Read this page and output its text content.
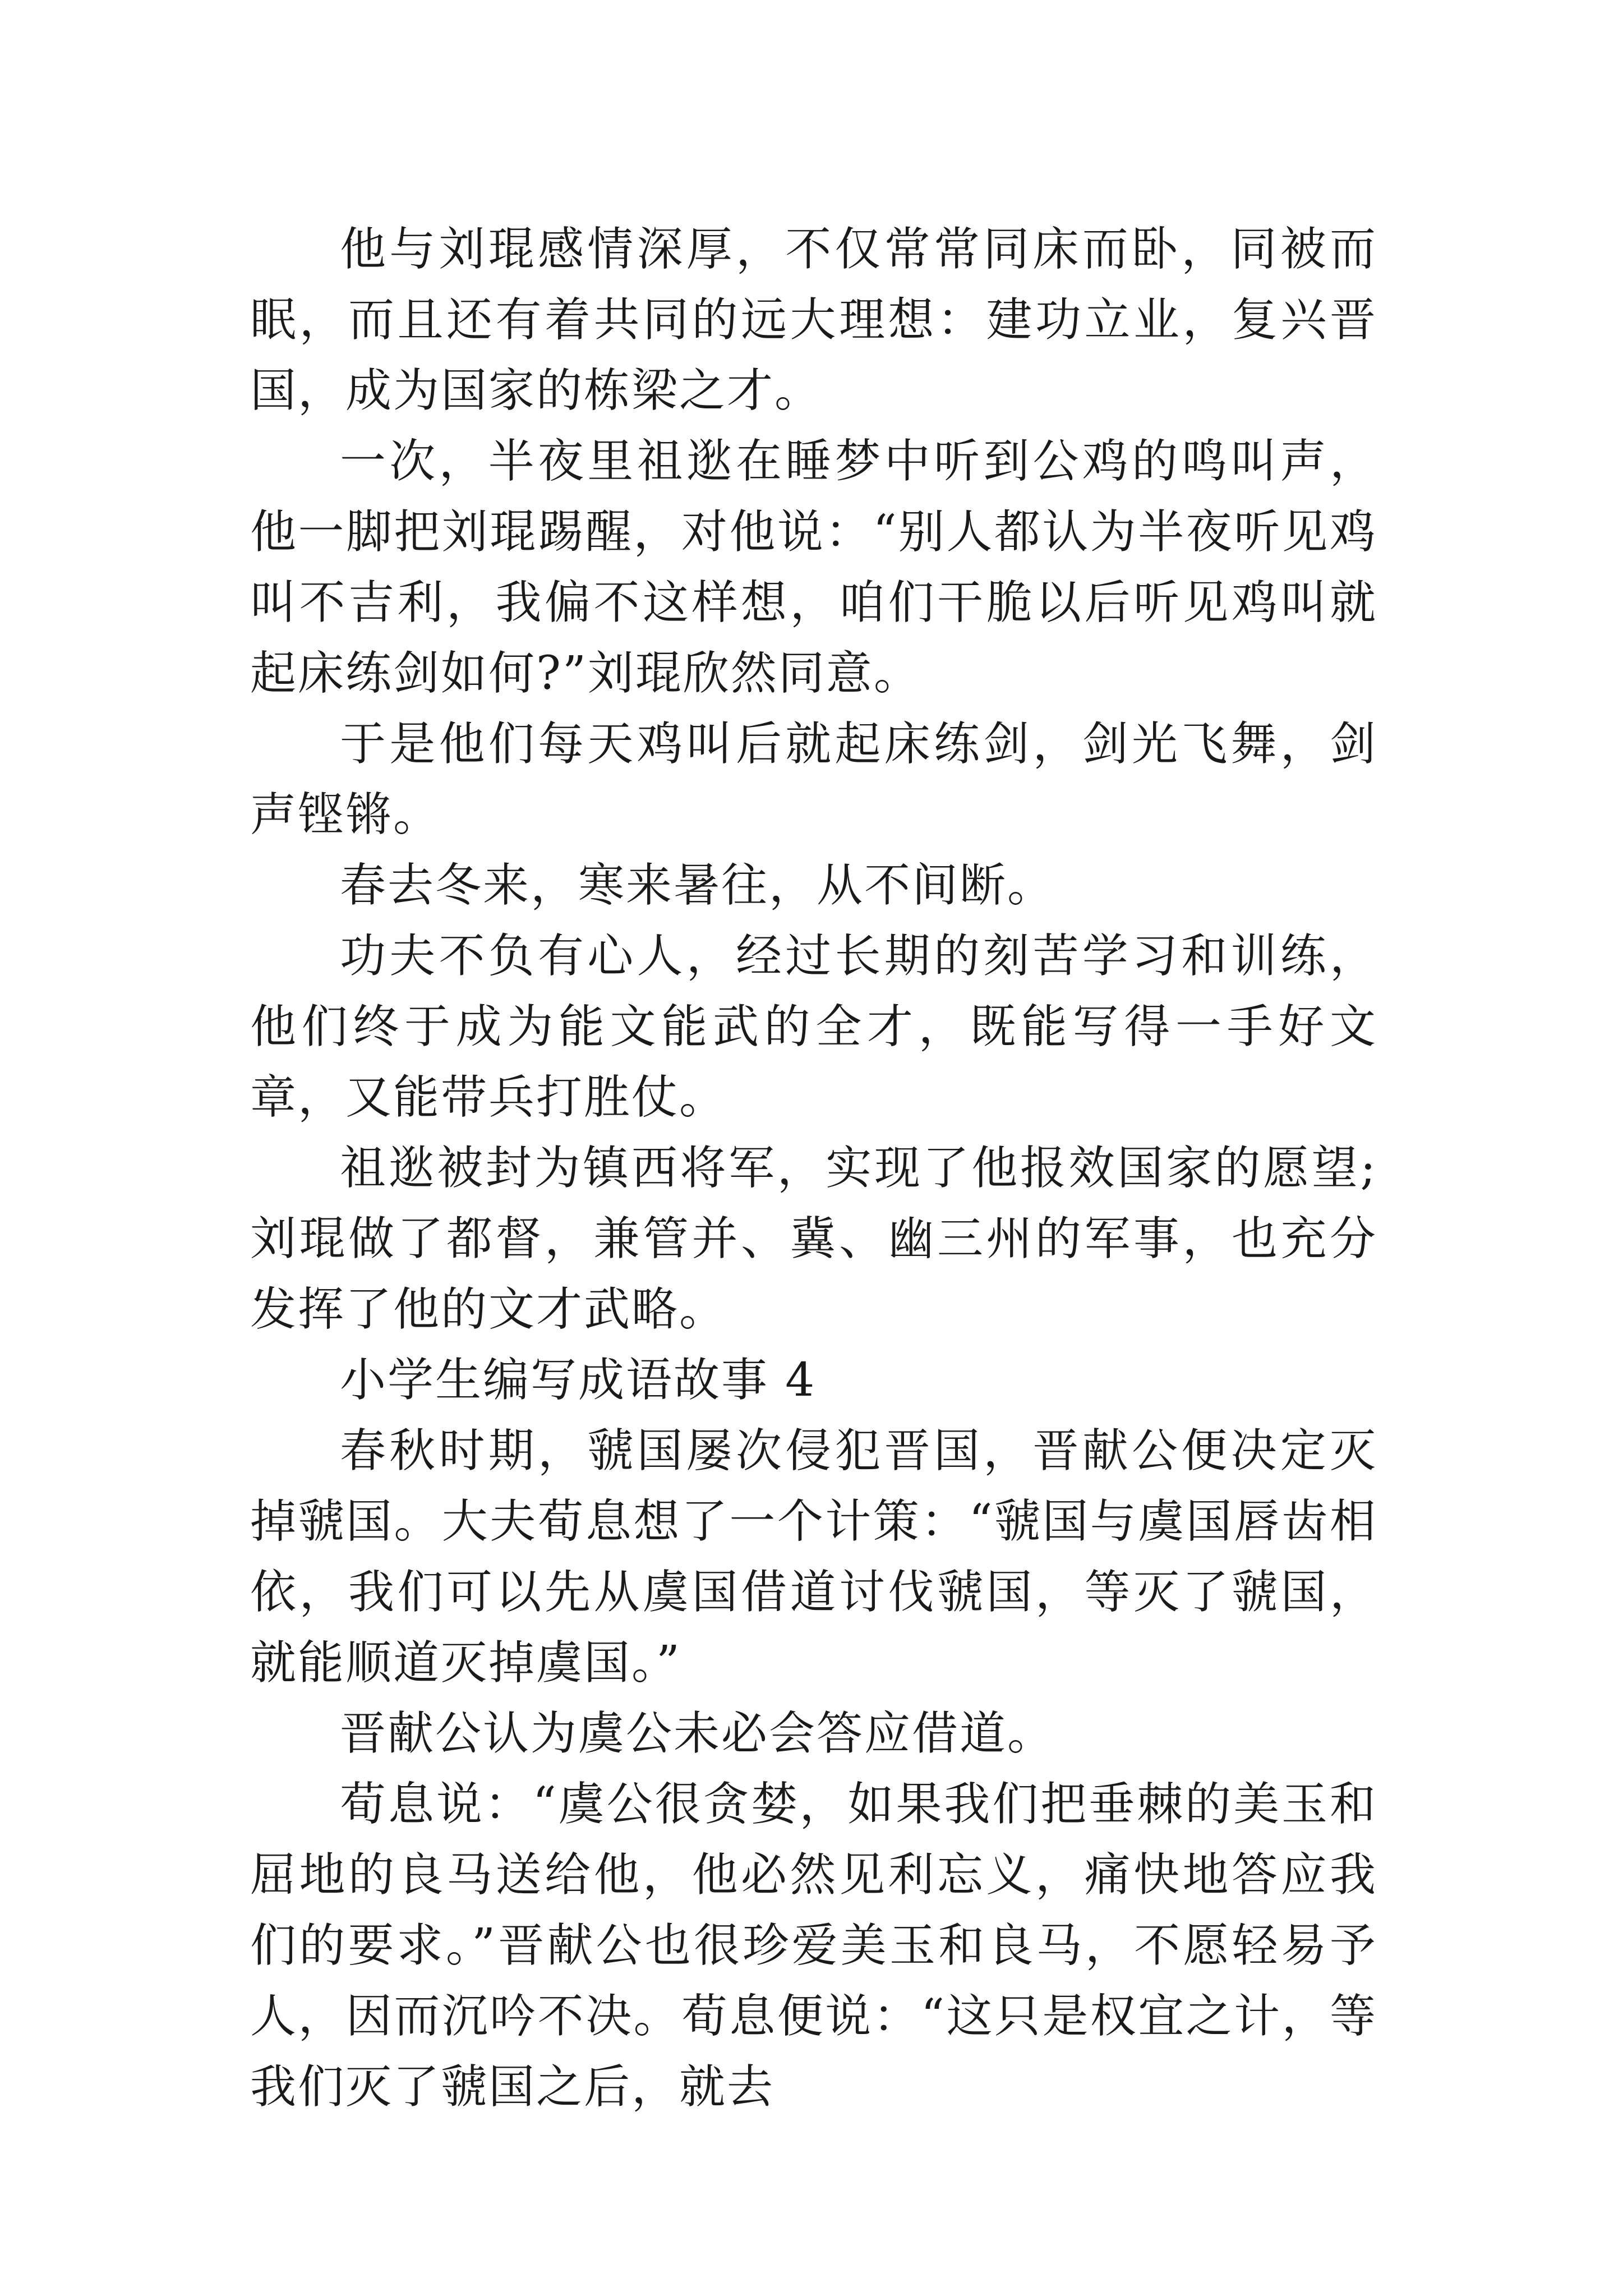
他与刘琨感情深厚，不仅常常同床而卧，同被而眠，而且还有着共同的远大理想：建功立业，复兴晋国，成为国家的栋梁之才。

一次，半夜里祖逖在睡梦中听到公鸡的鸣叫声，他一脚把刘琨踢醒，对他说：“别人都认为半夜听见鸡叫不吉利，我偏不这样想，咱们干脆以后听见鸡叫就起床练剑如何?”刘琨欣然同意。

于是他们每天鸡叫后就起床练剑，剑光飞舞，剑声铿锵。

春去冬来，寒来暑往，从不间断。

功夫不负有心人，经过长期的刻苦学习和训练，他们终于成为能文能武的全才，既能写得一手好文章，又能带兵打胜仗。

祖逖被封为镇西将军，实现了他报效国家的愿望;刘琨做了都督，兼管并、冀、幽三州的军事，也充分发挥了他的文才武略。

小学生编写成语故事 4

春秋时期，虢国屡次侵犯晋国，晋献公便决定灭掉虢国。大夫荀息想了一个计策：“虢国与虞国唇齿相依，我们可以先从虞国借道讨伐虢国，等灭了虢国，就能顺道灭掉虞国。”

晋献公认为虞公未必会答应借道。

荀息说：“虞公很贪婪，如果我们把垂棘的美玉和屈地的良马送给他，他必然见利忘义，痛快地答应我们的要求。”晋献公也很珍爱美玉和良马，不愿轻易予人，因而沉吟不决。荀息便说：“这只是权宜之计，等我们灭了虢国之后，就去
